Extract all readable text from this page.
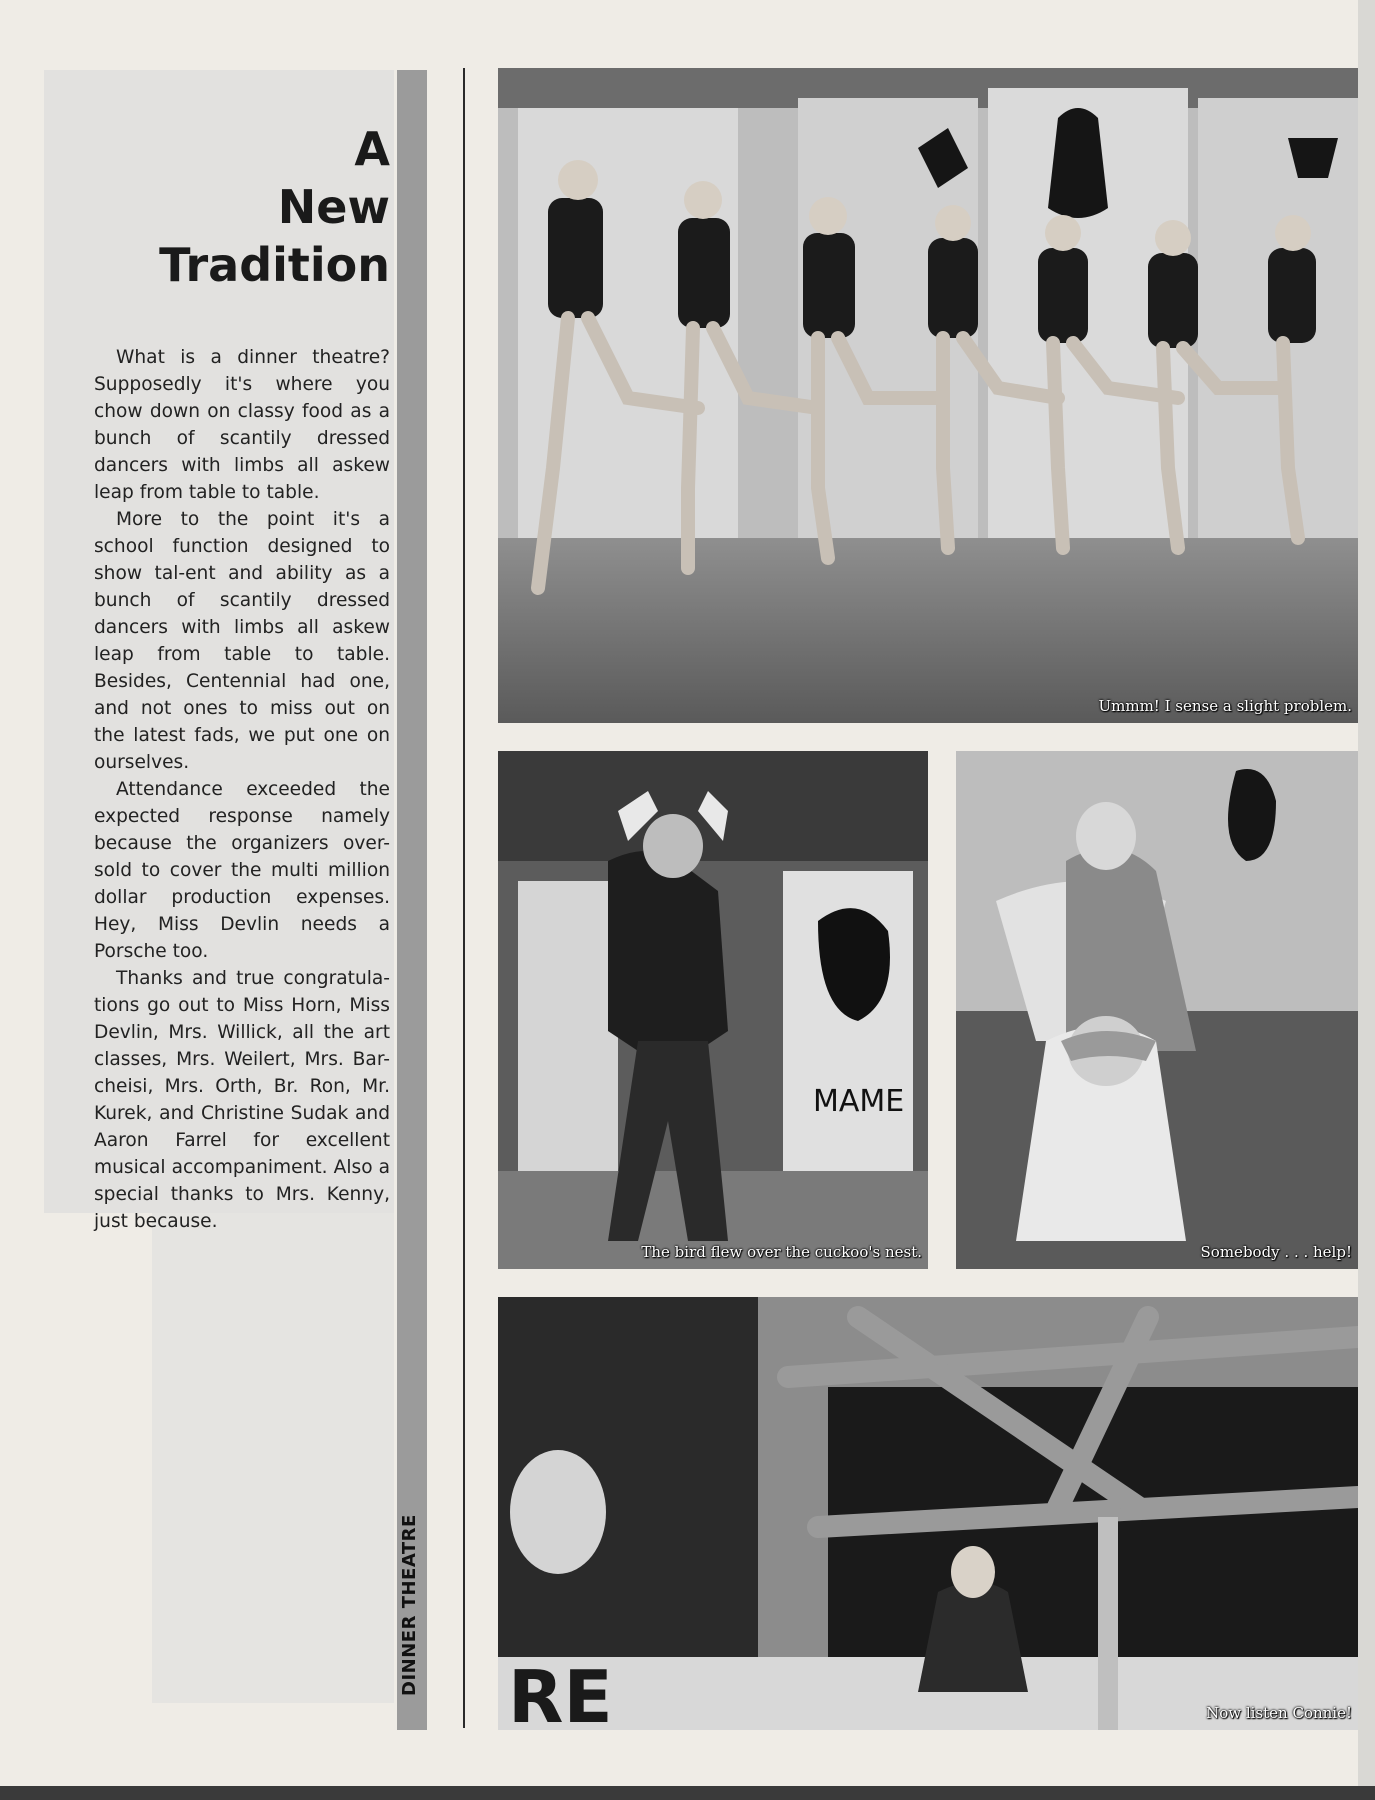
A
New
Tradition

What is a dinner theatre? Supposedly it's where you chow down on classy food as a bunch of scantily dressed dancers with limbs all askew leap from table to table.

More to the point it's a school function designed to show tal-ent and ability as a bunch of scantily dressed dancers with limbs all askew leap from table to table. Besides, Centennial had one, and not ones to miss out on the latest fads, we put one on ourselves.

Attendance exceeded the expected response namely because the organizers over-sold to cover the multi million dollar production expenses. Hey, Miss Devlin needs a Porsche too.

Thanks and true congratula-tions go out to Miss Horn, Miss Devlin, Mrs. Willick, all the art classes, Mrs. Weilert, Mrs. Bar-cheisi, Mrs. Orth, Br. Ron, Mr. Kurek, and Christine Sudak and Aaron Farrel for excellent musical accompaniment. Also a special thanks to Mrs. Kenny, just because.

DINNER THEATRE
Ummm! I sense a slight problem.
MAME
The bird flew over the cuckoo's nest.	Somebody . . . help!
RE	Now listen Connie!
